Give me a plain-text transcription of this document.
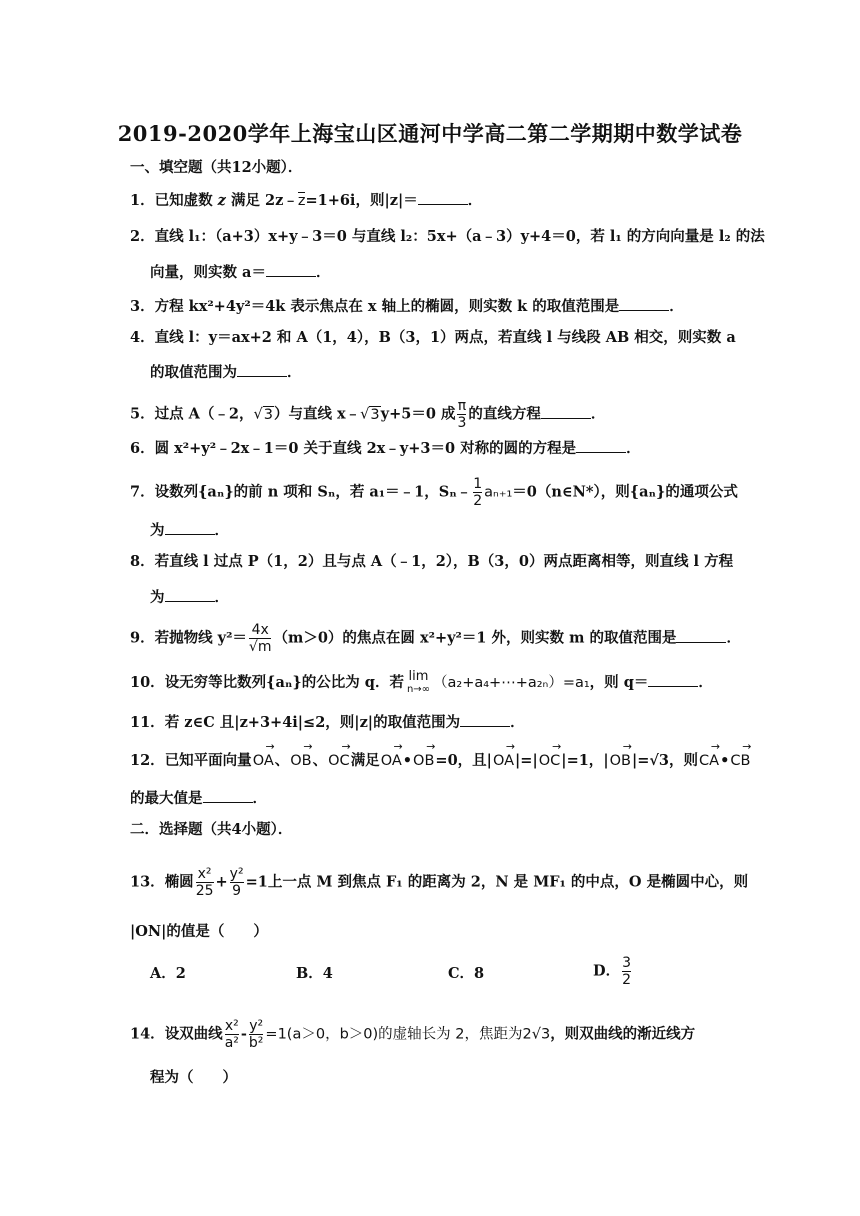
2019-2020学年上海宝山区通河中学高二第二学期期中数学试卷
一、填空题（共12小题）．
1．已知虚数 z 满足 2z﹣z=1+6i，则|z|＝	．
2．直线 l₁：（a+3）x+y﹣3＝0 与直线 l₂：5x+（a﹣3）y+4＝0，若 l₁ 的方向向量是 l₂ 的法
向量，则实数 a＝	．
3．方程 kx²+4y²＝4k 表示焦点在 x 轴上的椭圆，则实数 k 的取值范围是	．
4．直线 l：y＝ax+2 和 A（1，4），B（3，1）两点，若直线 l 与线段 AB 相交，则实数 a
的取值范围为	．
5．过点 A（﹣2，√3）与直线 x﹣√3y+5＝0 成 $\frac{\pi}{3}$ 的直线方程	．
6．圆 x²+y²﹣2x﹣1＝0 关于直线 2x﹣y+3＝0 对称的圆的方程是	．
7．设数列{aₙ}的前 n 项和 Sₙ，若 a₁＝﹣1，Sₙ﹣ $\frac{1}{2}$ aₙ₊₁＝0（n∈N*），则{aₙ}的通项公式
为	．
8．若直线 l 过点 P（1，2）且与点 A（﹣1，2），B（3，0）两点距离相等，则直线 l 方程
为	．
9．若抛物线 $y^2= \frac{4x}{√m} (m>0)$的焦点在圆 x²+y²＝1 外，则实数 m 的取值范围是	．
10．设无穷等比数列{aₙ}的公比为 q．若 lim
n→∞ （a₂+a₄+⋯+a₂ₙ）=a₁，则 q＝	．
11．若 z∈C 且|z+3+4i|≤2，则|z|的取值范围为	．
12．已知平面向量→ OA、→ OB、→ OC满足→ OA•→ OB=0，且|→ OA|=|→ OC|=1，|→ OB|=√3，则→ CA•→ CB
的最大值是	．
二．选择题（共4小题）．
13．椭圆 $\frac{\text{x²}}{25} + \frac{\text{y²}}{9} =1$上一点 M 到焦点 F₁ 的距离为 2，N 是 MF₁ 的中点，O 是椭圆中心，则
|ON|的值是（　　）
A．2	B．4	C．8	D． $\frac{3}{2}$
14．设双曲线 $\frac{\text{x²}}{\text{a²}} - \frac{\text{y²}}{\text{b²}} =1(a>0$，b＞0)的虚轴长为 2，焦距为2√3，则双曲线的渐近线方
程为（　　）
